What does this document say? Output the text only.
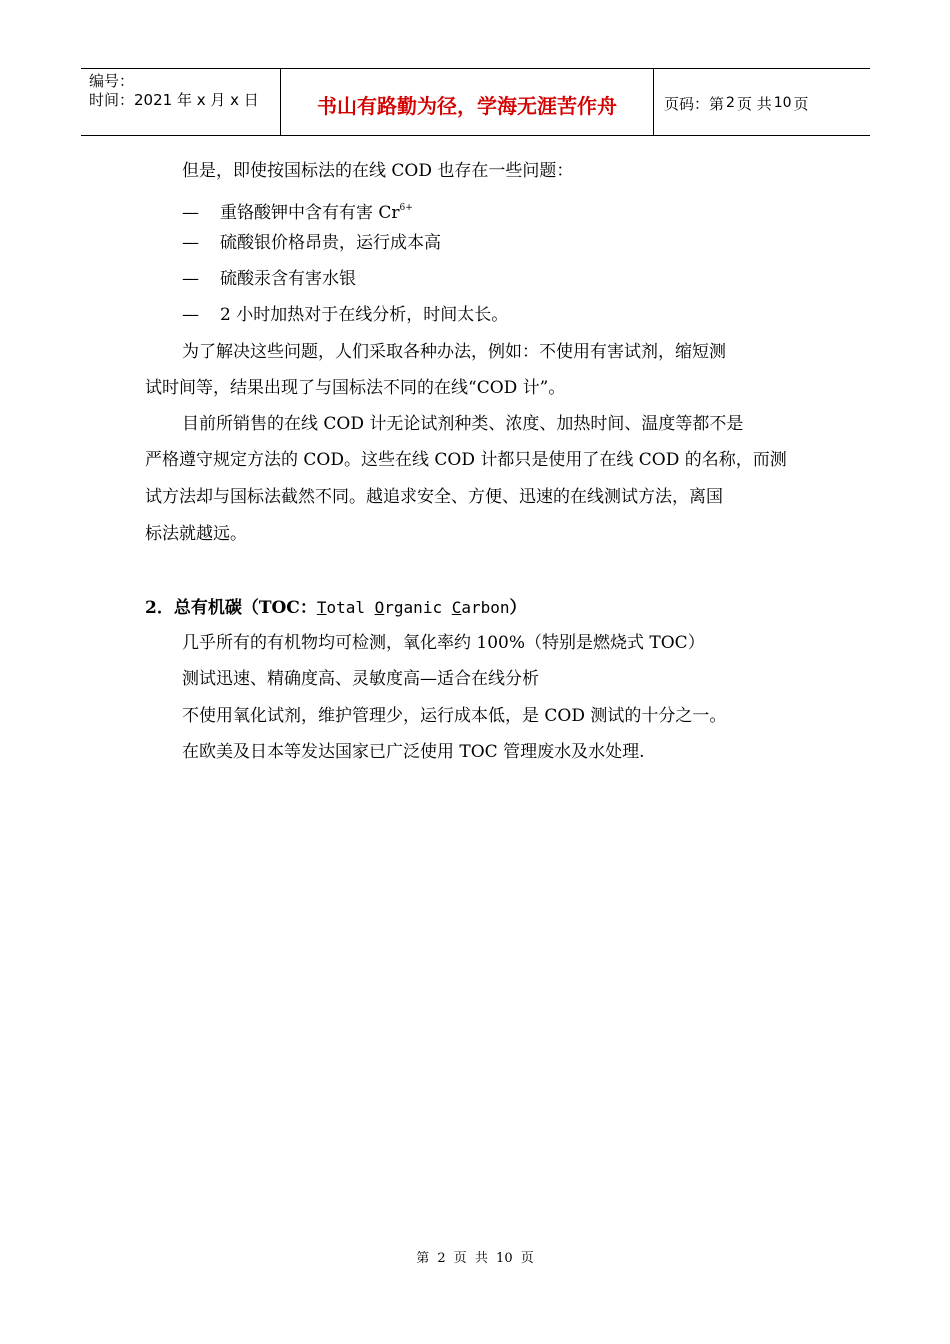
编号：
时间：2021 年 x 月 x 日	书山有路勤为径，学海无涯苦作舟	页码：第 2 页 共 10 页
但是，即使按国标法的在线 COD 也存在一些问题：
— 重铬酸钾中含有有害 $Cr^{6+}$
— 硫酸银价格昂贵，运行成本高
— 硫酸汞含有害水银
— 2 小时加热对于在线分析，时间太长。
为了解决这些问题，人们采取各种办法，例如：不使用有害试剂，缩短测
试时间等，结果出现了与国标法不同的在线“COD 计”。
目前所销售的在线 COD 计无论试剂种类、浓度、加热时间、温度等都不是
严格遵守规定方法的 COD。这些在线 COD 计都只是使用了在线 COD 的名称，而测
试方法却与国标法截然不同。越追求安全、方便、迅速的在线测试方法，离国
标法就越远。
2．总有机碳（TOC：Total Organic Carbon）
几乎所有的有机物均可检测，氧化率约 100%（特别是燃烧式 TOC）
测试迅速、精确度高、灵敏度高—适合在线分析
不使用氧化试剂，维护管理少，运行成本低，是 COD 测试的十分之一。
在欧美及日本等发达国家已广泛使用 TOC 管理废水及水处理.
第 2 页 共 10 页
